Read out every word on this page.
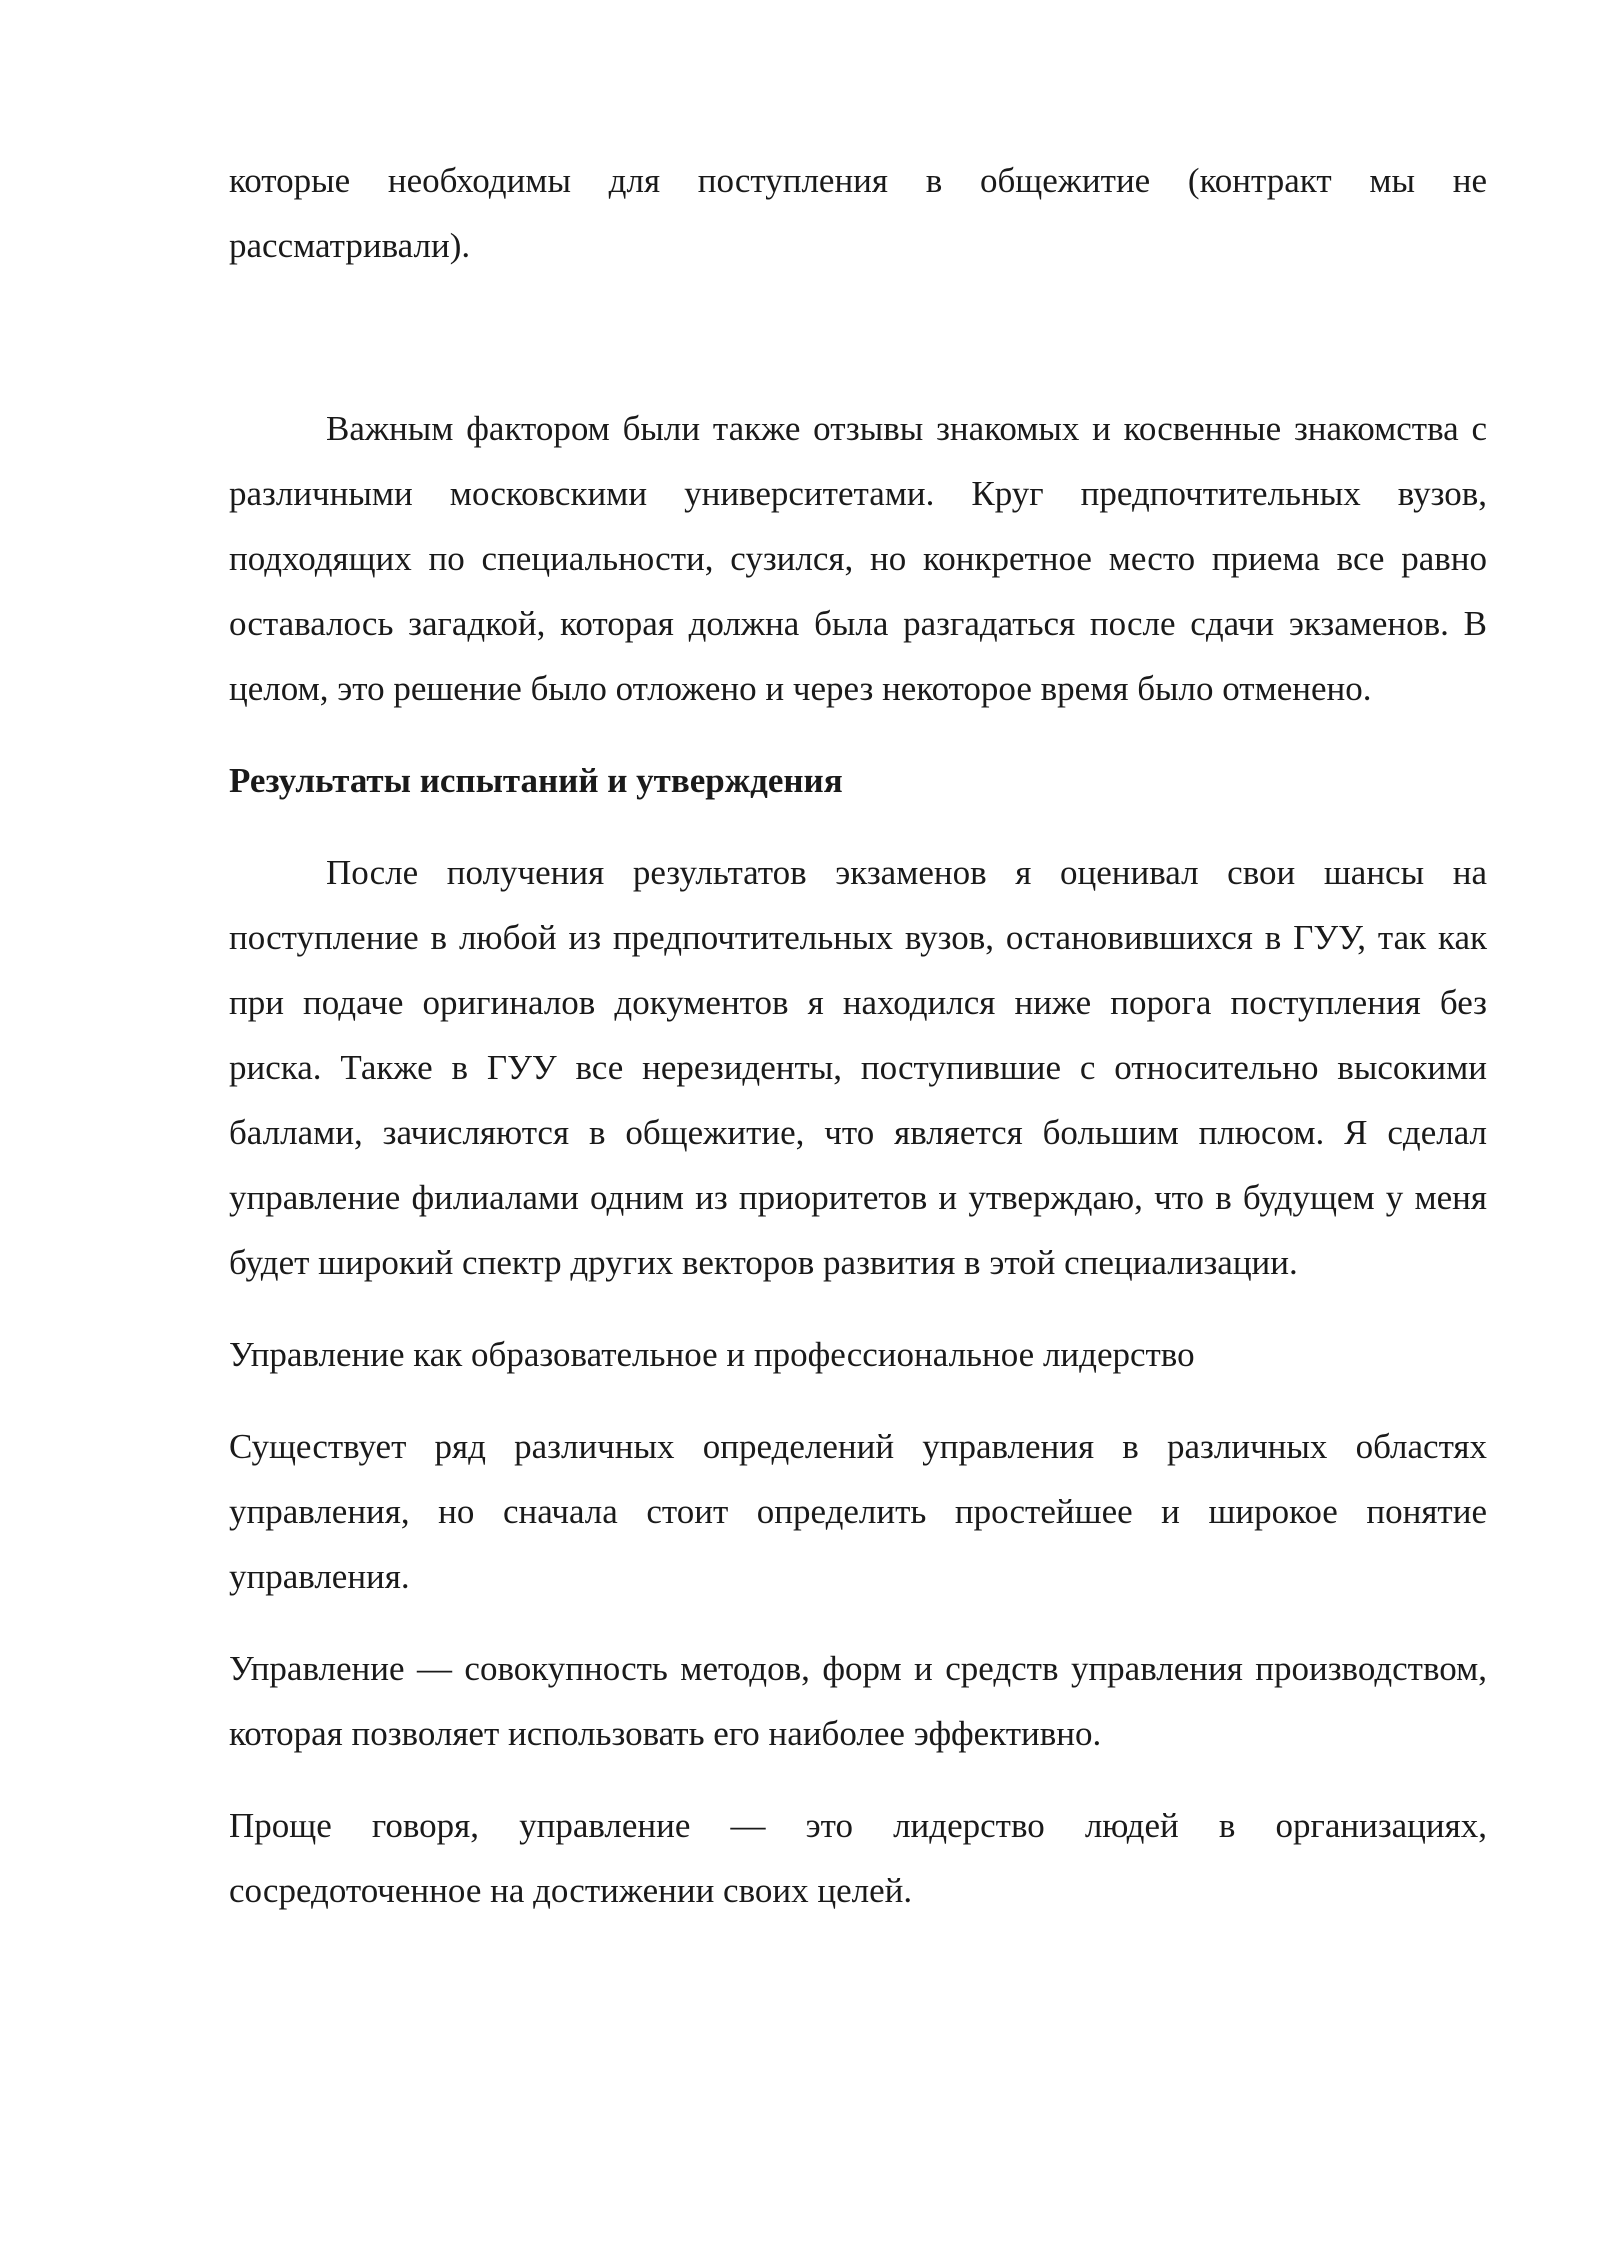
которые необходимы для поступления в общежитие (контракт мы не рассматривали).

Важным фактором были также отзывы знакомых и косвенные знакомства с различными московскими университетами. Круг предпочтительных вузов, подходящих по специальности, сузился, но конкретное место приема все равно оставалось загадкой, которая должна была разгадаться после сдачи экзаменов. В целом, это решение было отложено и через некоторое время было отменено.

Результаты испытаний и утверждения

После получения результатов экзаменов я оценивал свои шансы на поступление в любой из предпочтительных вузов, остановившихся в ГУУ, так как при подаче оригиналов документов я находился ниже порога поступления без риска. Также в ГУУ все нерезиденты, поступившие с относительно высокими баллами, зачисляются в общежитие, что является большим плюсом. Я сделал управление филиалами одним из приоритетов и утверждаю, что в будущем у меня будет широкий спектр других векторов развития в этой специализации.

Управление как образовательное и профессиональное лидерство

Существует ряд различных определений управления в различных областях управления, но сначала стоит определить простейшее и широкое понятие управления.

Управление — совокупность методов, форм и средств управления производством, которая позволяет использовать его наиболее эффективно.

Проще говоря, управление — это лидерство людей в организациях, сосредоточенное на достижении своих целей.
